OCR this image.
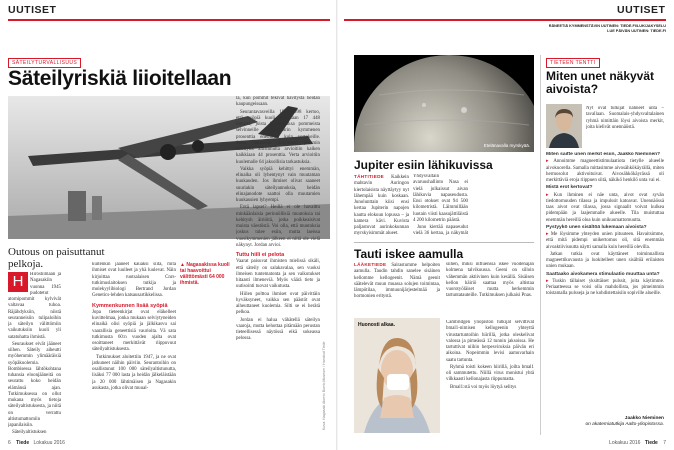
UUTISET
SÄTEILYTURVALLISUUS
Säteilyriskiä liioitellaan
▲ Nagasakissa kuoli tai haavoittui välittömästi 64 000 ihmistä.
Outous on paisuttanut pelkoja.
H	Hiroshimaan ja Nagasakiin vuonna 1945 pudotetut atomipommit kylvivät valtavaa tuhoa. Räjähdyksiin, niistä seuranneisiin tulipaloihin ja säteilyn välittömiin vaikutuksiin kuoli yli satatuhatta ihmistä.

Seuraukset eivät jääneet siihen. Säteily aiheutti myöhemmin ylimääräisiä syöpäkuolemia. Bombisessa lähtökohtana tuhansia eloonjääneitä on seurattu koko heidän elämänsä ajan. Tutkimuksessa on ollut mukana myös tietoja säteilyaltistuksesta, ja niitä on verrattu altistumattomiin japanilaisiin.

Säteilyaltistuksen

kuitenkin jääneet kauaksi siitä, mitä ihmiset ovat luulleet ja yhä luulevat. Näin kirjoittaa ruotsalaisen Cnrs-tutkimuslaitoksen tutkija ja molekyylibiologi Bertrand Jordan Genetics-lehden katsausartikkelissa.

Kymmenkunnen lisää syöpiä

Jopa tieteenkirjat ovat eläkelleet kuvittelmaa, jonka mukaan selviytyneiden elinaikä olisi syöpiä ja jälkikasvu sai vaarallisia geneettisiä vaurioita. Vä sata tutkimusta 60:n vuoden ajalta ovat osoittaneet merkittävät riippuvuut säteilyaltistuksesta.

Tutkimukset aloitettiin 1947, ja ne ovat jatkuneet näihin päiviin. Seurantoihin on osallistunut 100 000 säteilyaltistunutta, lisäksi 77 000 lasta ja heidän jälkeläistään ja 20 000 lähtimäisen ja Nagasakin asukasta, jotka olivat muual-

la, kun pommit tekivät hävitystä heidän kaupungeissaan.

Seurantavasveilla 1958–1998 kertoo, että syöpiä kuoli kaikkiaan 17 448 ihmistä, joista 9 hakijaksa pommeista selvinneille kesti-määrin kymmenen prosenttia enemmän kuin vertokeille. Saitu, tahannen miljoonan pommin säteilyltä altistunutta arvioitiin kaiken kaikkiaan 44 prosenttia. Verta arvioitiin kuolemalle 64 jaksollisia tarkastuksia.

Vaikka syöpiä kehittyi enemmän, elinaika oli lyhentynyt vain muutaman kuukauden. Jos ihmiset olivat saaneet suuriakin säteilyannoksia, heidän elinajanodote saattoi olla muutamien kuukausien lyhyempi.

Entä lapset? Heillä ei ole havaittu minkäänlaisia perinnöllisiä muutoksia tai kehitysh äiriöitä, jotka poikkeaisivat muista väestöstä. Voi olla, että muutoksia joskus tulee esiin, mutta laeissa vuosikymmenien jälkeen ei niitä ole vielä näkynyt. Jordan arvioi.

Tuttu hiili ei pelota

Vaarat paisuvat ihmisten mielissä sikäli, että säteily on salakavalaa, sen vuoksi ilmeisen tuntematonta ja sen vaikutukset hitaasti ilmeneviä. Myös väärä tieto ja uutisointi tuovat vaikutusta.

Hiilen polttoa ihmiset ovat päivittäin hyväksyneet, vaikka sen päästöt ovat aiheuttaneet kuolemia. Silti se ei herätä pelkoa.

Jordan ei halua vähätellä säteilyn vaaroja, mutta kehottaa pitämään perustan tieteellisessä näytössä eikä sokeassa pelossa.

Kuva: Nagasaki Atomic Bomb Museum / Handout Tiede
6 Tiede Lokakuu 2016
UUTISET
RÄNEETIÄ KYMMENSTÄVIN UUTINEN: TIEDE.FI/LUKIJAKYSELU
LUE PÄIVÄN UUTINEN: TIEDE.FI
Etelänavalla myrskyää.
Jupiter esiin lähikuvissa

TÄHTITIEDE Kaikkein mahtavin Auringon kiertolaisista näyttäytyy nyt lähempää kuin koskaan. Junolunttain kiisi ensi kertaa Jupiterin napojen kautta elokuun lopussa – ja kamera kävi. Kuvista paljastuvat aurinkokunnan myrskyisimmät alueet.

Yhdysvaltain avaruushallinto Nasa ei vielä julkaissut aivan lähikuvia napaseudusta. Ensi otokset ovat 94 500 kilometristä. Läimmillään luotain viisti kaasujättiläistä 4 200 kilometrin päästä.

Juno kiertää napaseudut vielä 36 kertaa, ja näkymät

Tauti iskee aamulla

LÄÄKETIEDE Sairastumme helpoiten aamulla. Taudin tahdin sanelee sisäinen kellomme kellogeenit. Nämä geenit säätelevät muun muassa solujen toimintaa, lämpötilaa, immuunijärjestelmää ja hormonien eritystä.

siihen, miksi influenssa iskee vuodenajan kolmena talvikuussa. Geeni on silloin vähemmän aktiivinen kuin kesällä. Sisäisen kellon häiriö saattaa myös altistaa vuorotyöläiset mutta herkemmin tartuntatauteille. Tutkimuksen julkaisi Pnas.

Huonosti alkaa.	Cambridgen yliopiston tutkijat selvittivät bmal1-nimisen kellogeenin yhteyttä virustartuntoihin hiirillä, jotka oleskelivat valossa ja pimeässä 12 tunnin jaksoissa. He tartuttivat niihin herpesviruksia päivän eri aikoina. Nopeimmin levisi aamuvarhain saatu tartunta.

Ryhmä toisti kokeen hiirillä, joilta bmal1 oli sammutettu. Niillä virus monistui yhtä vilkkaasti kellonajasta riippumatta.

Bmal1:stä voi myös löytyä selitys

TIETEEN TENTTI
Miten unet näkyvät aivoista?

Nyt ovat tutkijat nähneet unta – tavallaan. Suomalais-yhdysvaltalainen ryhmä nimittäin löysi aivoista merkit, joita kielivät unennäöstä.

Miten saitte unen merkit esiin, Jaakko Nieminen?

▸ Annoimme magneettistimulaatiota tietylle alueelle aivokuorella. Samalla mittasimme aivosähkökäyrällä, miten hermosolut aktivoituivat. Aivosähkökäyrässä oli merkittäviä eroja riippuen siitä, näkikö henkilö unta vai ei.

Mistä erot kertovat?

▸ Kun ihminen ei näe unta, aivot ovat syvän tiedottomuuden tilassa ja impulssit katoavat. Unennäössä taas aivot ovat tilassa, jossa signaalit voivat kulkea pidempään ja laajemmalle alueelle. Tila muistuttaa enemmän hereillä oloa kuin unikuumattomuutta.

Pystyykö unen sisältöä lukemaan aivoista?

▸ Me löysimme yhteyden unien pituuteen. Havaitsimme, että mitä pidempi unikertomus oli, sitä enemmän aivoaktiivisuutta näytti samalla kuin hereillä olevilla.

Jatkan tutkia ovat käyttäneet toiminnallista magneettikuvausta ja luokitelleet unen sisältöä erilaisten unien mukaan.

Saattaako aivokamera stimulaatio muuttaa unta?

▸ Tuskin tällaiset yksittäiset pulssit, joita käytimme. Periaatteessa se voisi olla mahdollista, jos pimeimmin toistamalla pulsseja ja ne kohdistettaisiin sopiville alueille.

Jaakko Nieminen
on akatemiatutkija Aalto-yliopistossa.
Lokakuu 2016 Tiede 7
